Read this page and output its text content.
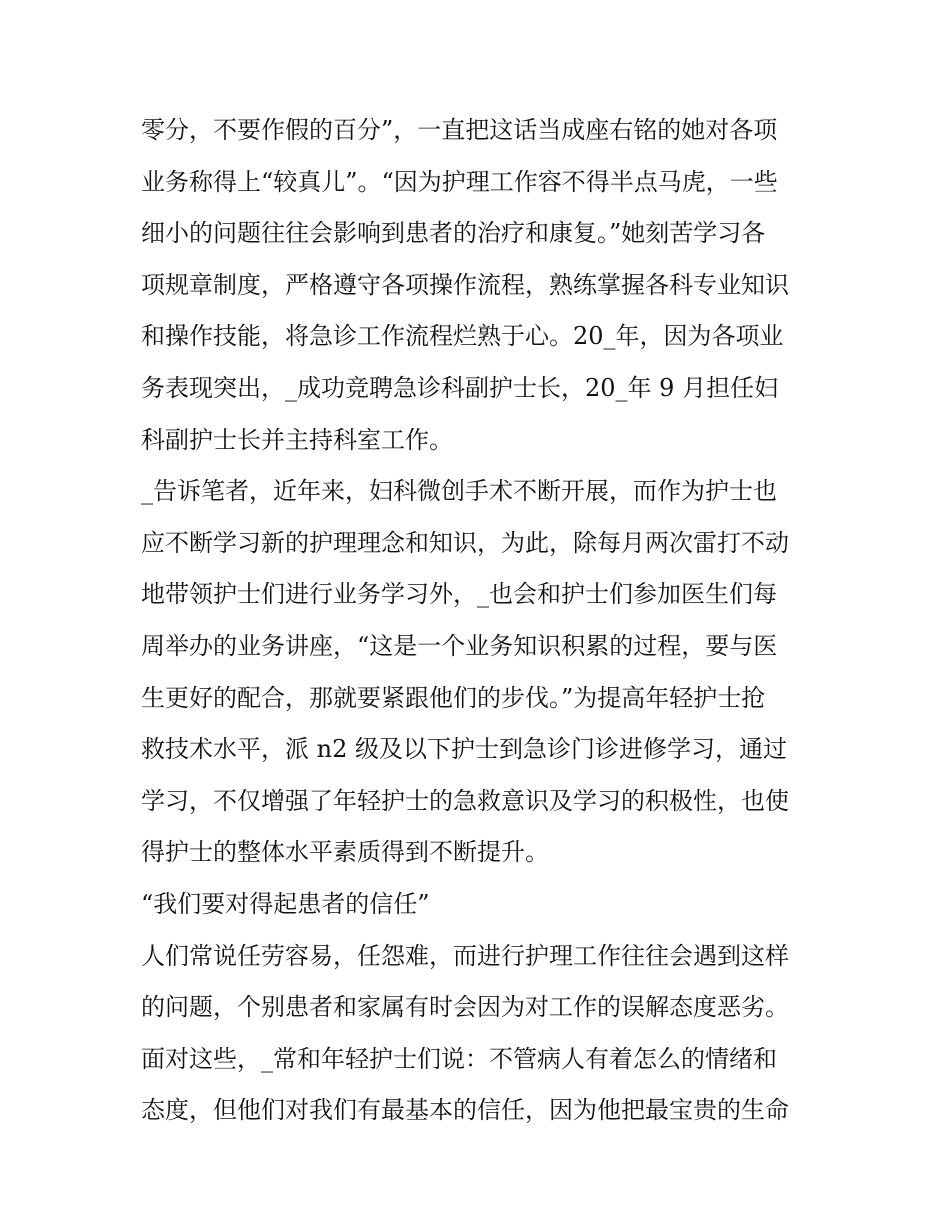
零分，不要作假的百分”，一直把这话当成座右铭的她对各项
业务称得上“较真儿”。“因为护理工作容不得半点马虎，一些
细小的问题往往会影响到患者的治疗和康复。”她刻苦学习各
项规章制度，严格遵守各项操作流程，熟练掌握各科专业知识
和操作技能，将急诊工作流程烂熟于心。20_年，因为各项业
务表现突出，_成功竞聘急诊科副护士长，20_年 9 月担任妇
科副护士长并主持科室工作。
_告诉笔者，近年来，妇科微创手术不断开展，而作为护士也
应不断学习新的护理理念和知识，为此，除每月两次雷打不动
地带领护士们进行业务学习外，_也会和护士们参加医生们每
周举办的业务讲座，“这是一个业务知识积累的过程，要与医
生更好的配合，那就要紧跟他们的步伐。”为提高年轻护士抢
救技术水平，派 n2 级及以下护士到急诊门诊进修学习，通过
学习，不仅增强了年轻护士的急救意识及学习的积极性，也使
得护士的整体水平素质得到不断提升。
“我们要对得起患者的信任”
人们常说任劳容易，任怨难，而进行护理工作往往会遇到这样
的问题，个别患者和家属有时会因为对工作的误解态度恶劣。
面对这些，_常和年轻护士们说：不管病人有着怎么的情绪和
态度，但他们对我们有最基本的信任，因为他把最宝贵的生命
